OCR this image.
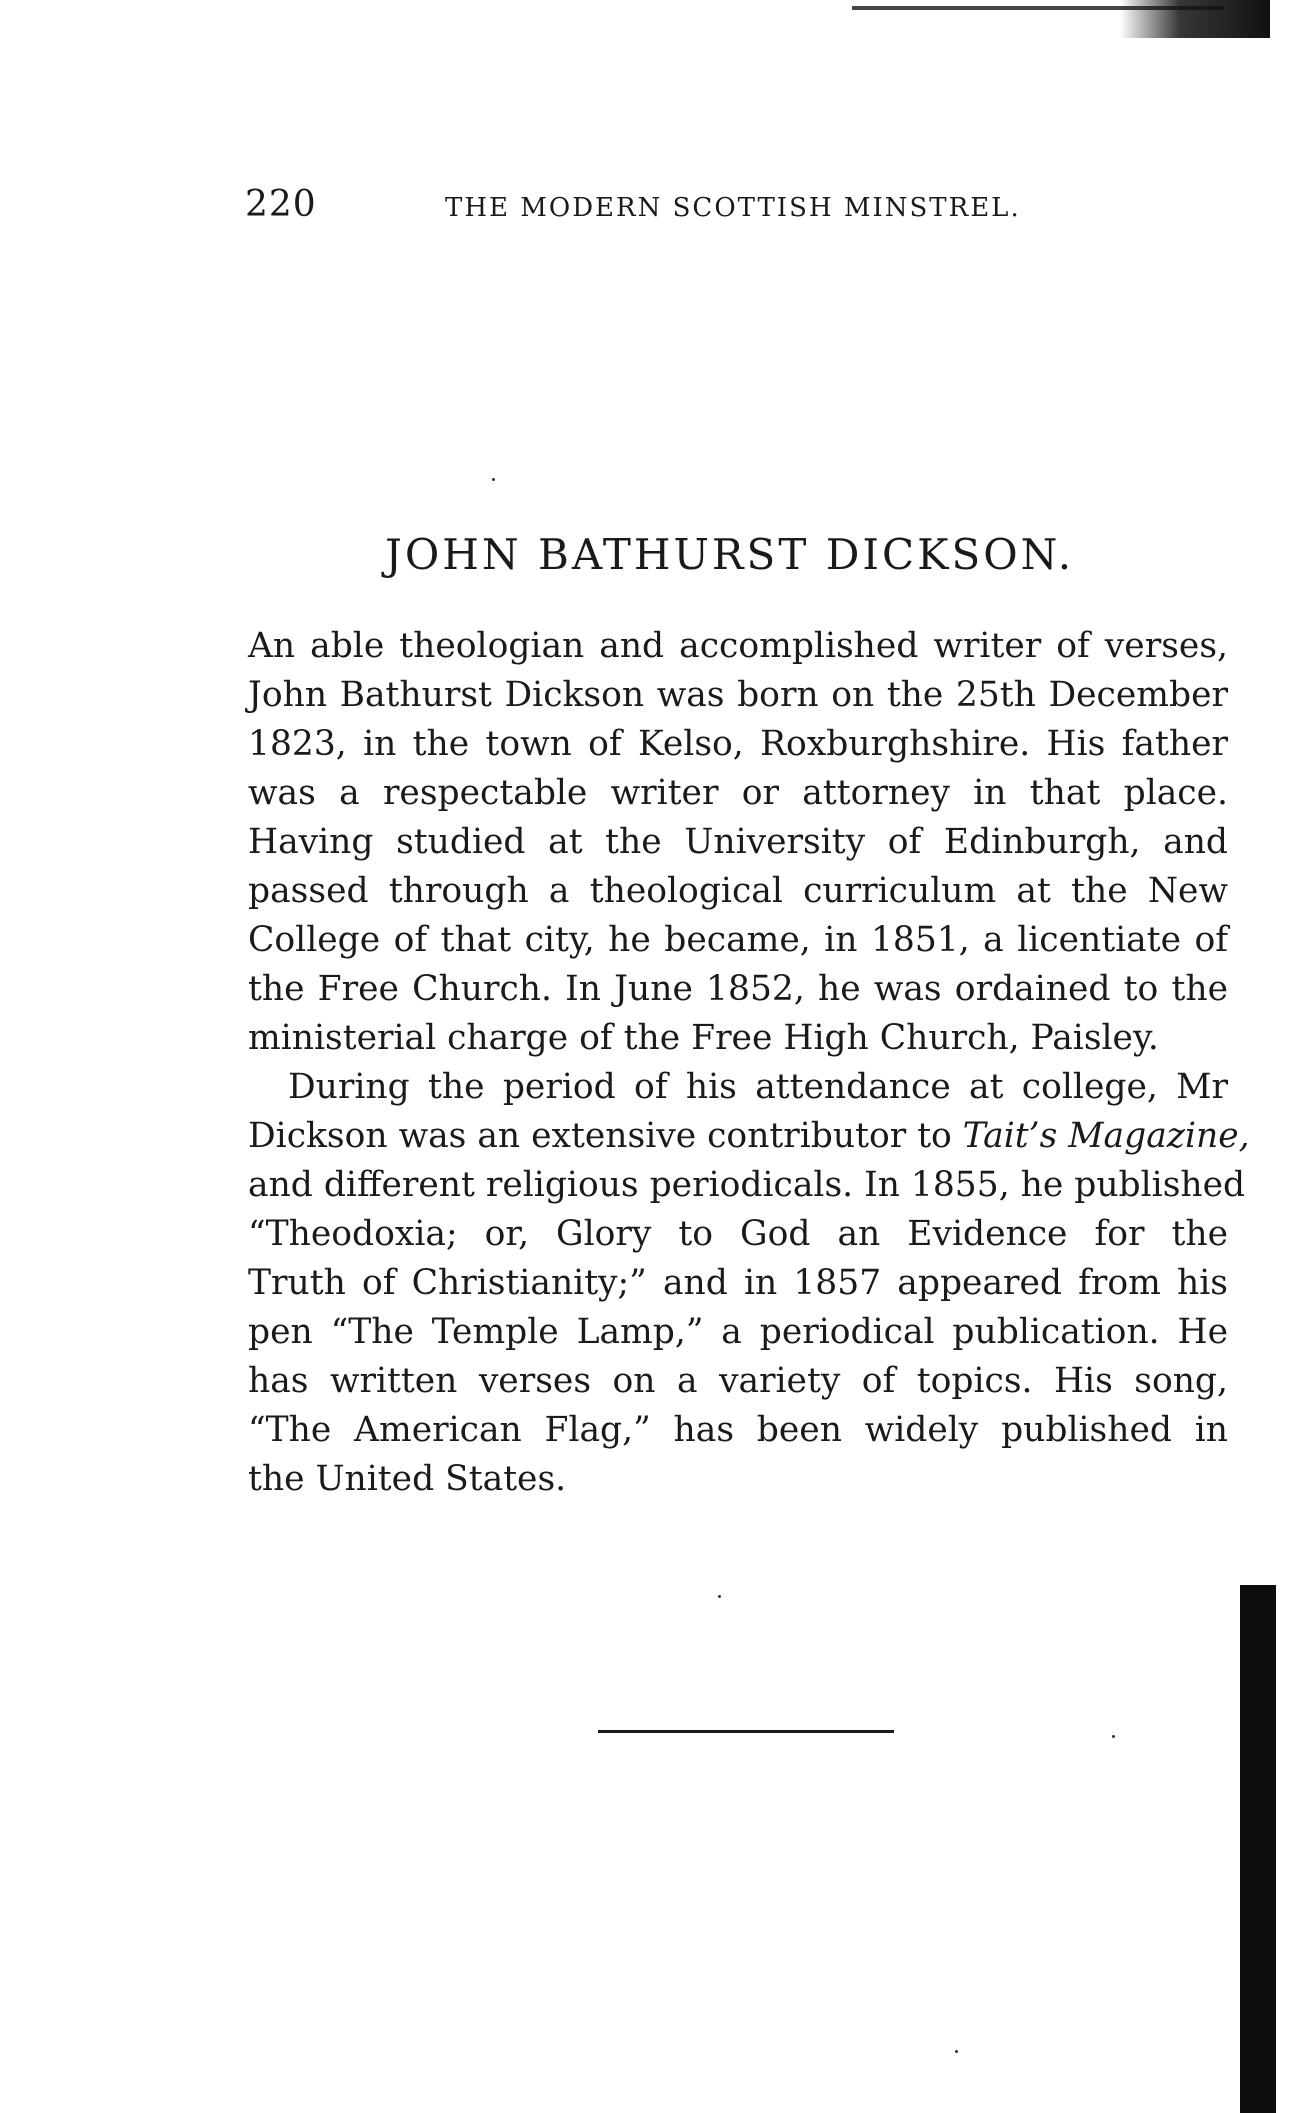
220	THE MODERN SCOTTISH MINSTREL.
JOHN BATHURST DICKSON.
An able theologian and accomplished writer of verses,
John Bathurst Dickson was born on the 25th December
1823, in the town of Kelso, Roxburghshire. His father
was a respectable writer or attorney in that place.
Having studied at the University of Edinburgh, and
passed through a theological curriculum at the New
College of that city, he became, in 1851, a licentiate of
the Free Church. In June 1852, he was ordained to the
ministerial charge of the Free High Church, Paisley.
During the period of his attendance at college, Mr
Dickson was an extensive contributor to Tait’s Magazine,
and different religious periodicals. In 1855, he published
“Theodoxia; or, Glory to God an Evidence for the
Truth of Christianity;” and in 1857 appeared from his
pen “The Temple Lamp,” a periodical publication. He
has written verses on a variety of topics. His song,
“The American Flag,” has been widely published in
the United States.
